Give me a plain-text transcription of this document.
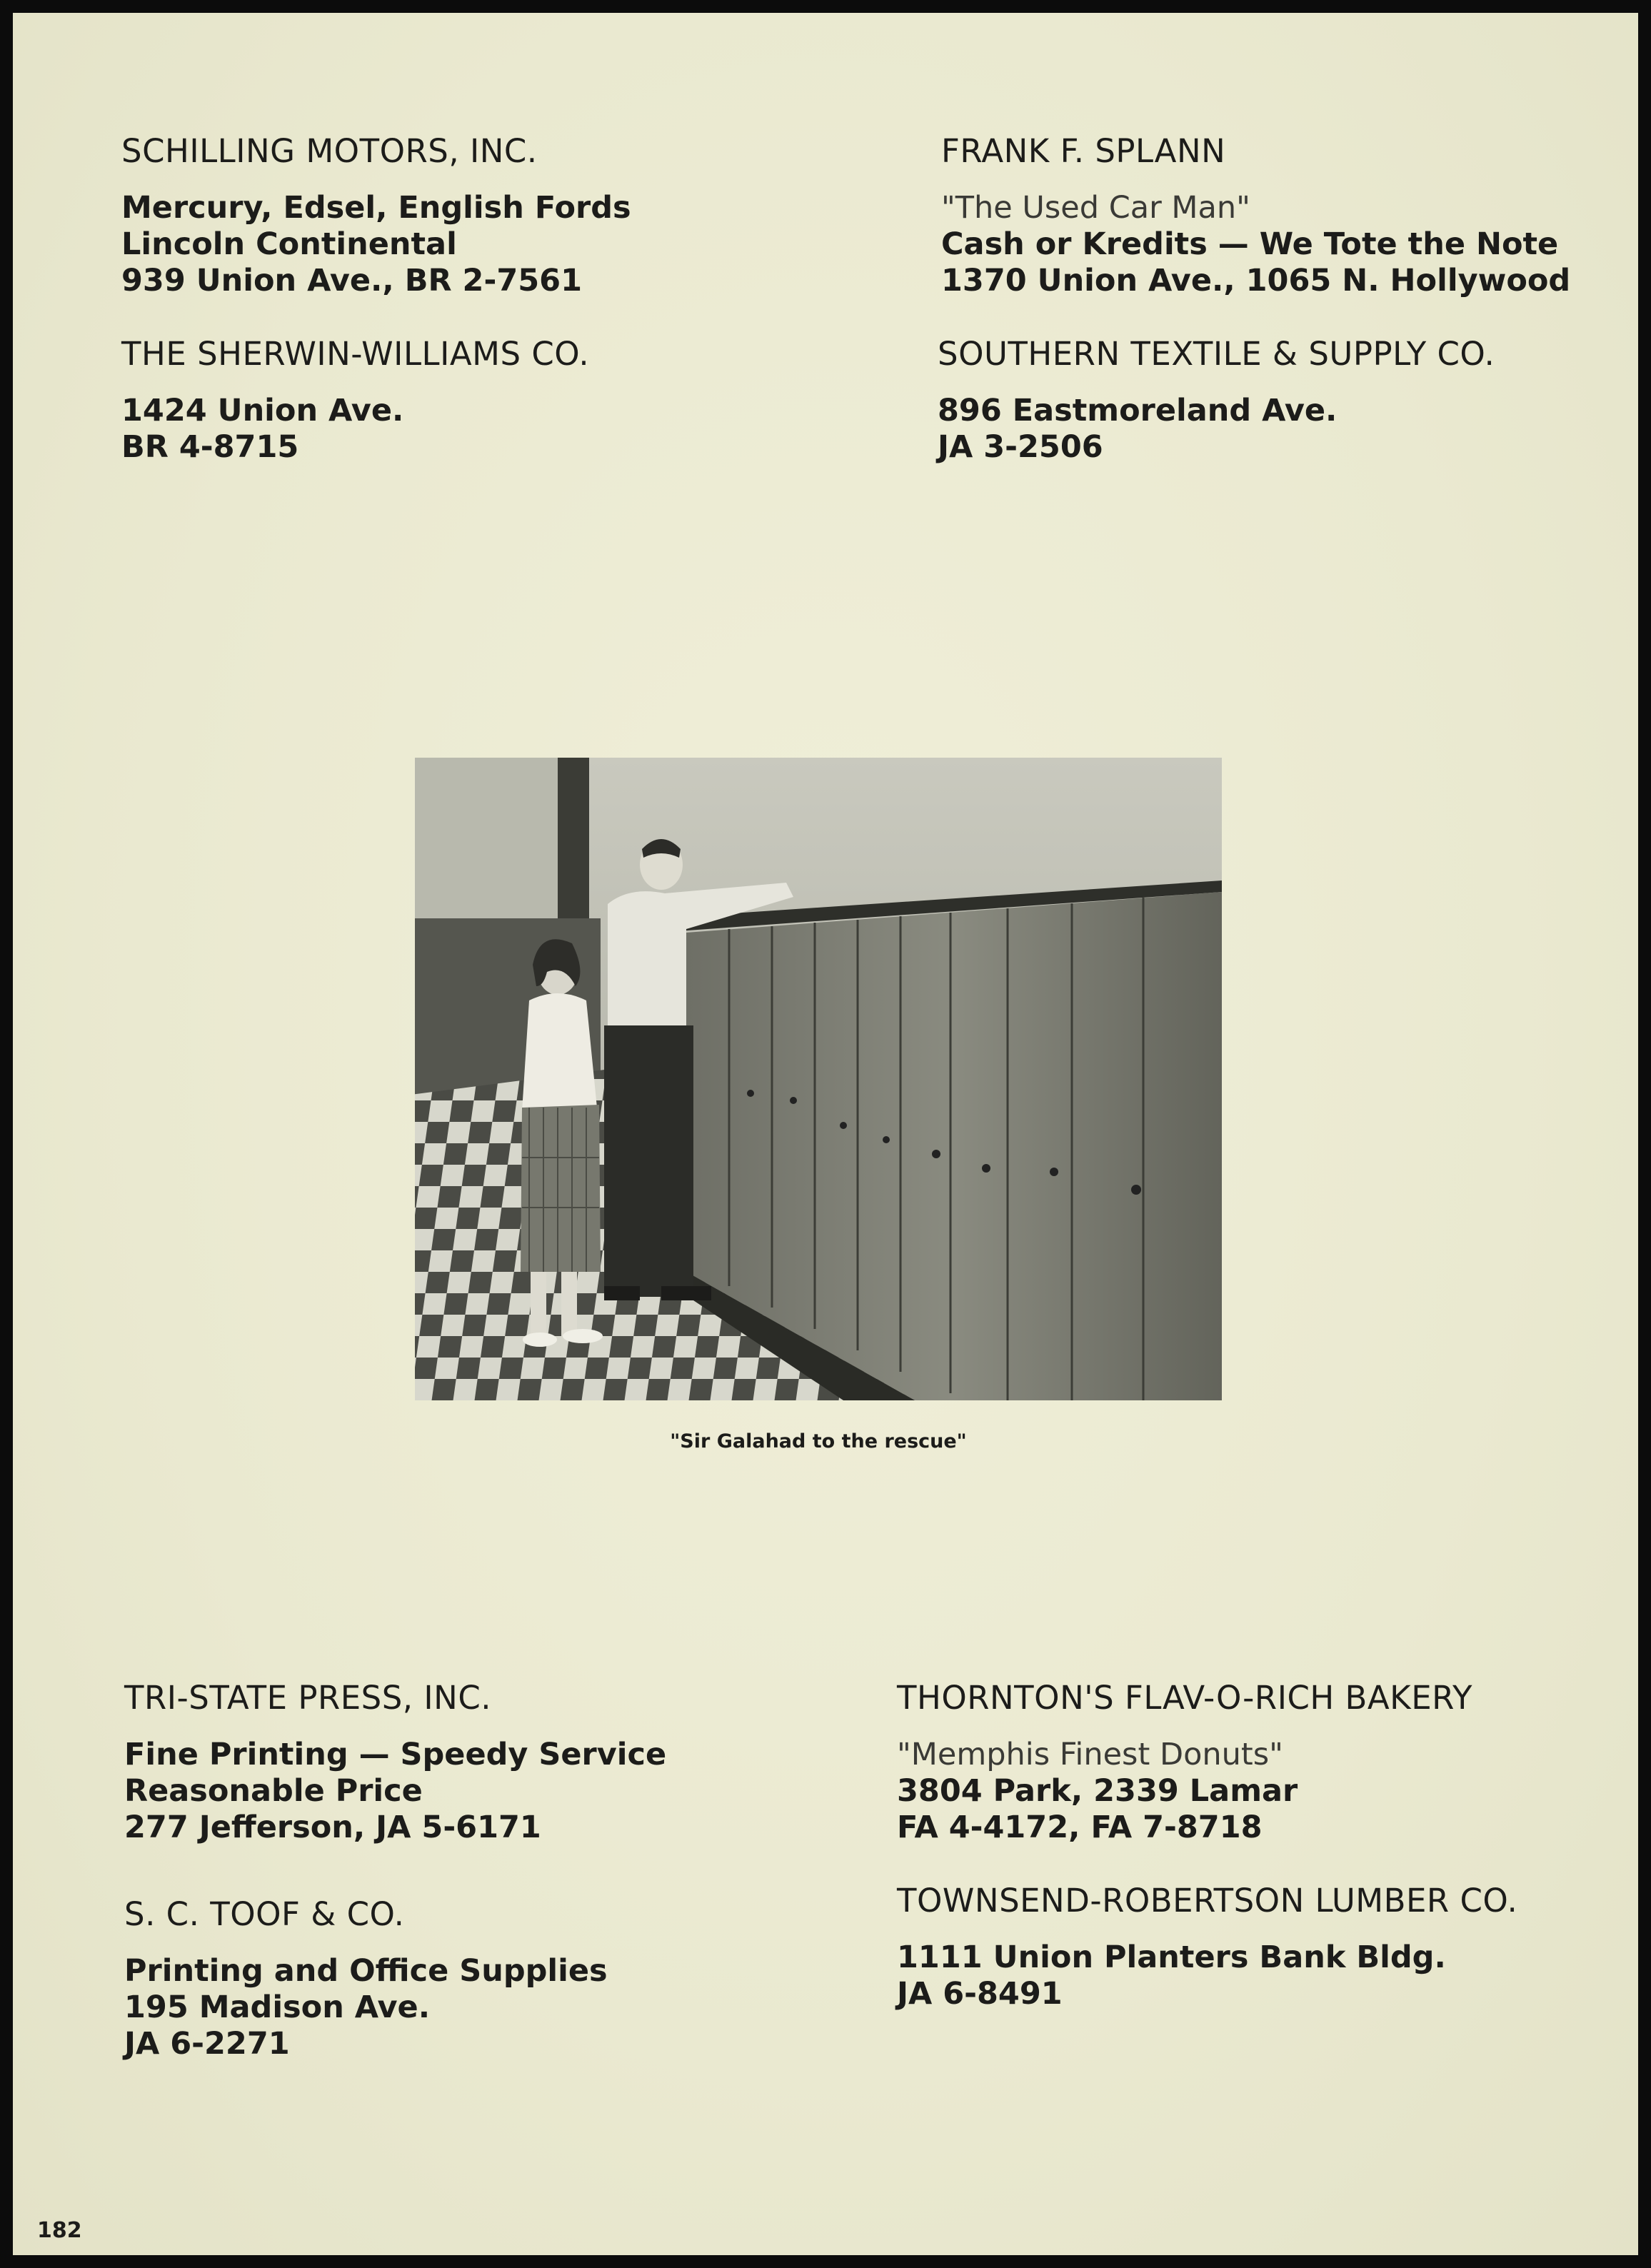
SCHILLING MOTORS, INC.
Mercury, Edsel, English Fords
Lincoln Continental
939 Union Ave., BR 2-7561
THE SHERWIN-WILLIAMS CO.
1424 Union Ave.
BR 4-8715
FRANK F. SPLANN
"The Used Car Man"
Cash or Kredits — We Tote the Note
1370 Union Ave., 1065 N. Hollywood
SOUTHERN TEXTILE & SUPPLY CO.
896 Eastmoreland Ave.
JA 3-2506
"Sir Galahad to the rescue"
TRI-STATE PRESS, INC.
Fine Printing — Speedy Service
Reasonable Price
277 Jefferson, JA 5-6171
S. C. TOOF & CO.
Printing and Office Supplies
195 Madison Ave.
JA 6-2271
THORNTON'S FLAV-O-RICH BAKERY
"Memphis Finest Donuts"
3804 Park, 2339 Lamar
FA 4-4172, FA 7-8718
TOWNSEND-ROBERTSON LUMBER CO.
1111 Union Planters Bank Bldg.
JA 6-8491
182
